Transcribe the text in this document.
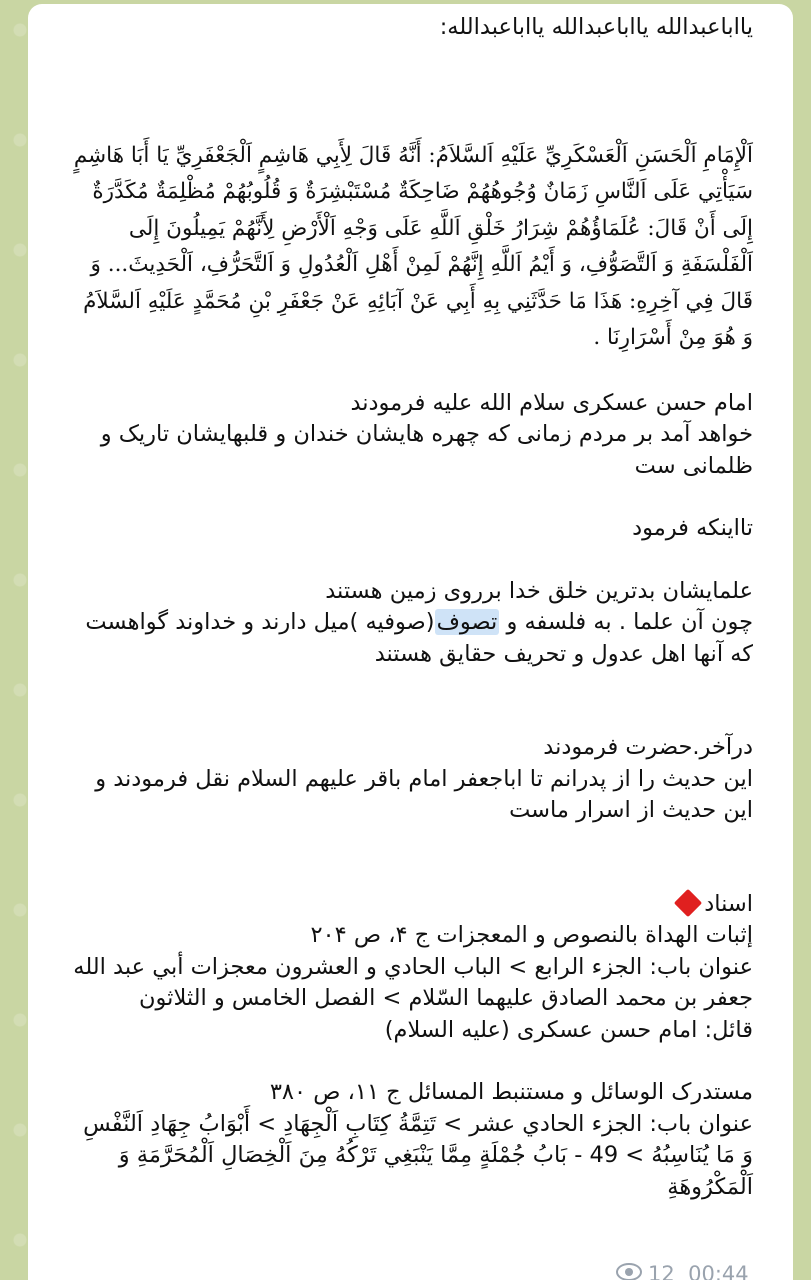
یااباعبدالله یااباعبدالله یااباعبدالله:

اَلْإِمَامِ اَلْحَسَنِ اَلْعَسْكَرِيِّ عَلَيْهِ اَلسَّلاَمُ: أَنَّهُ قَالَ لِأَبِي هَاشِمٍ اَلْجَعْفَرِيِّ يَا أَبَا هَاشِمٍ سَيَأْتِي عَلَى اَلنَّاسِ زَمَانٌ وُجُوهُهُمْ ضَاحِكَةٌ مُسْتَبْشِرَةٌ وَ قُلُوبُهُمْ مُظْلِمَةٌ مُكَدَّرَةٌ إِلَى أَنْ قَالَ: عُلَمَاؤُهُمْ شِرَارُ خَلْقِ اَللَّهِ عَلَى وَجْهِ اَلْأَرْضِ لِأَنَّهُمْ يَمِيلُونَ إِلَى اَلْفَلْسَفَةِ وَ اَلتَّصَوُّفِ، وَ أَيْمُ اَللَّهِ إِنَّهُمْ لَمِنْ أَهْلِ اَلْعُدُولِ وَ اَلتَّحَرُّفِ، اَلْحَدِيثَ... وَ قَالَ فِي آخِرِهِ: هَذَا مَا حَدَّثَنِي بِهِ أَبِي عَنْ آبَائِهِ عَنْ جَعْفَرِ بْنِ مُحَمَّدٍ عَلَيْهِ اَلسَّلاَمُ وَ هُوَ مِنْ أَسْرَارِنَا .

امام حسن عسکری سلام الله علیه فرمودند

خواهد آمد بر مردم زمانی که چهره هایشان خندان و قلبهایشان تاریک و ظلمانی ست

تااینکه فرمود

علمایشان بدترین خلق خدا برروی زمین هستند

چون آن علما . به فلسفه و تصوف(صوفیه )میل دارند و خداوند گواهست که آنها اهل عدول و تحریف حقایق هستند

درآخر.حضرت فرمودند

این حدیث را از پدرانم تا اباجعفر امام باقر علیهم السلام نقل فرمودند و این حدیث از اسرار ماست

اسناد

إثبات الهداة بالنصوص و المعجزات ج ۴، ص ۲۰۴

عنوان باب: الجزء الرابع > الباب الحادي و العشرون معجزات أبي عبد الله جعفر بن محمد الصادق علیهما السّلام > الفصل الخامس و الثلاثون

قائل: امام حسن عسکری (علیه السلام)

مستدرک الوسائل و مستنبط المسائل ج ۱۱، ص ۳۸۰

عنوان باب: الجزء الحادي عشر > تَتِمَّةُ كِتَابِ اَلْجِهَادِ > أَبْوَابُ جِهَادِ اَلنَّفْسِ وَ مَا يُنَاسِبُهُ > 49 - بَابُ جُمْلَةٍ مِمَّا يَنْبَغِي تَرْكُهُ مِنَ اَلْخِصَالِ اَلْمُحَرَّمَةِ وَ اَلْمَكْرُوهَةِ

12 00:44
